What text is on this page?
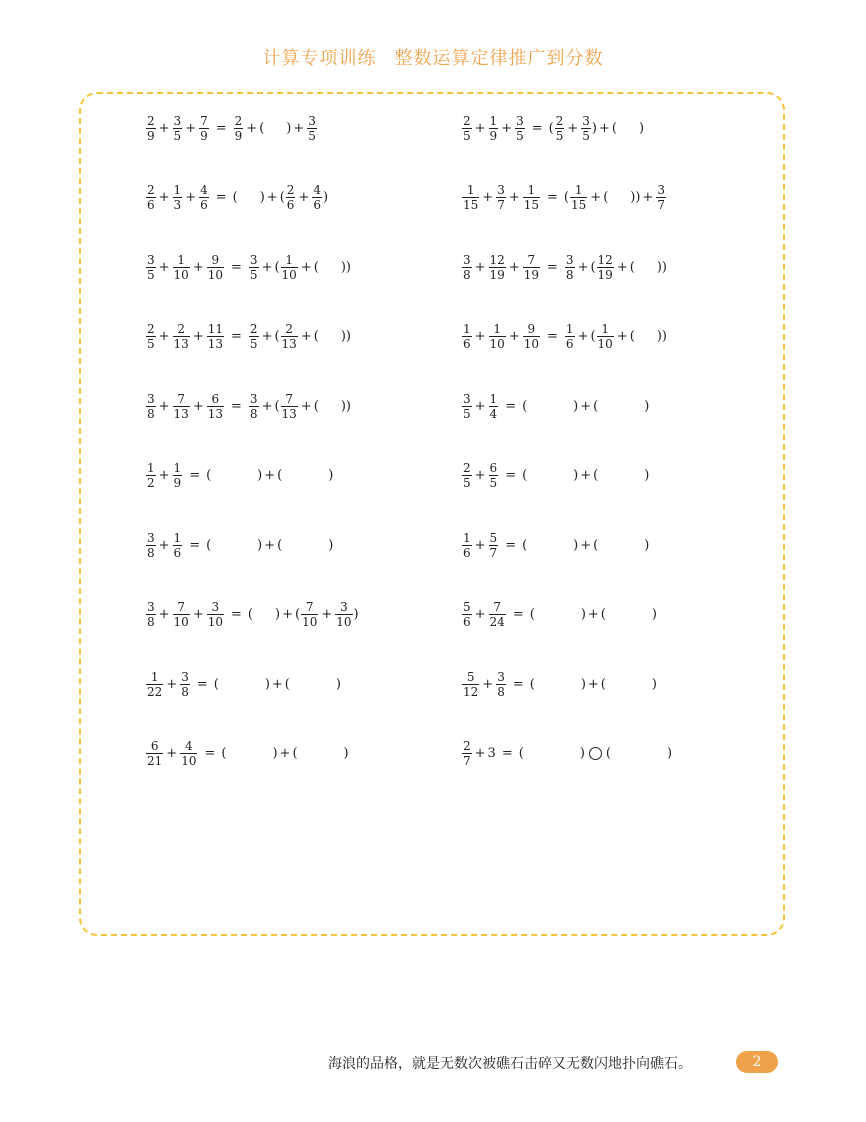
计算专项训练 整数运算定律推广到分数
$\frac{2}{9} + \frac{3}{5} + \frac{7}{9} = \frac{2}{9}$ + ( ) + $\frac{3}{5}$	$\frac{2}{5} + \frac{1}{9} + \frac{3}{5}$ = ( $\frac{2}{5} + \frac{3}{5}$ ) + ( )
$\frac{2}{6} + \frac{1}{3} + \frac{4}{6}$ = ( ) + ( $\frac{2}{6} + \frac{4}{6}$ )	$\frac{1}{15} + \frac{3}{7} + \frac{1}{15}$ = ( $\frac{1}{15}$ + ( )) + $\frac{3}{7}$
$\frac{3}{5} + \frac{1}{10} + \frac{9}{10} = \frac{3}{5}$ + ( $\frac{1}{10}$ + ( ))	$\frac{3}{8} + \frac{12}{19} + \frac{7}{19} = \frac{3}{8}$ + ( $\frac{12}{19}$ + ( ))
$\frac{2}{5} + \frac{2}{13} + \frac{11}{13} = \frac{2}{5}$ + ( $\frac{2}{13}$ + ( ))	$\frac{1}{6} + \frac{1}{10} + \frac{9}{10} = \frac{1}{6}$ + ( $\frac{1}{10}$ + ( ))
$\frac{3}{8} + \frac{7}{13} + \frac{6}{13} = \frac{3}{8}$ + ( $\frac{7}{13}$ + ( ))	$\frac{3}{5} + \frac{1}{4}$ = (	) + (	)
$\frac{1}{2} + \frac{1}{9}$ = (	) + (	)	$\frac{2}{5} + \frac{6}{5}$ = (	) + (	)
$\frac{3}{8} + \frac{1}{6}$ = (	) + (	)	$\frac{1}{6} + \frac{5}{7}$ = (	) + (	)
$\frac{3}{8} + \frac{7}{10} + \frac{3}{10}$ = ( ) + ( $\frac{7}{10} + \frac{3}{10}$ )	$\frac{5}{6} + \frac{7}{24}$ = (	) + (	)
$\frac{1}{22} + \frac{3}{8}$ = (	) + (	)	$\frac{5}{12} + \frac{3}{8}$ = (	) + (	)
$\frac{6}{21} + \frac{4}{10}$ = (	) + (	)	$\frac{2}{7} + 3$ = (	) (	)
海浪的品格，就是无数次被礁石击碎又无数闪地扑向礁石。	2
